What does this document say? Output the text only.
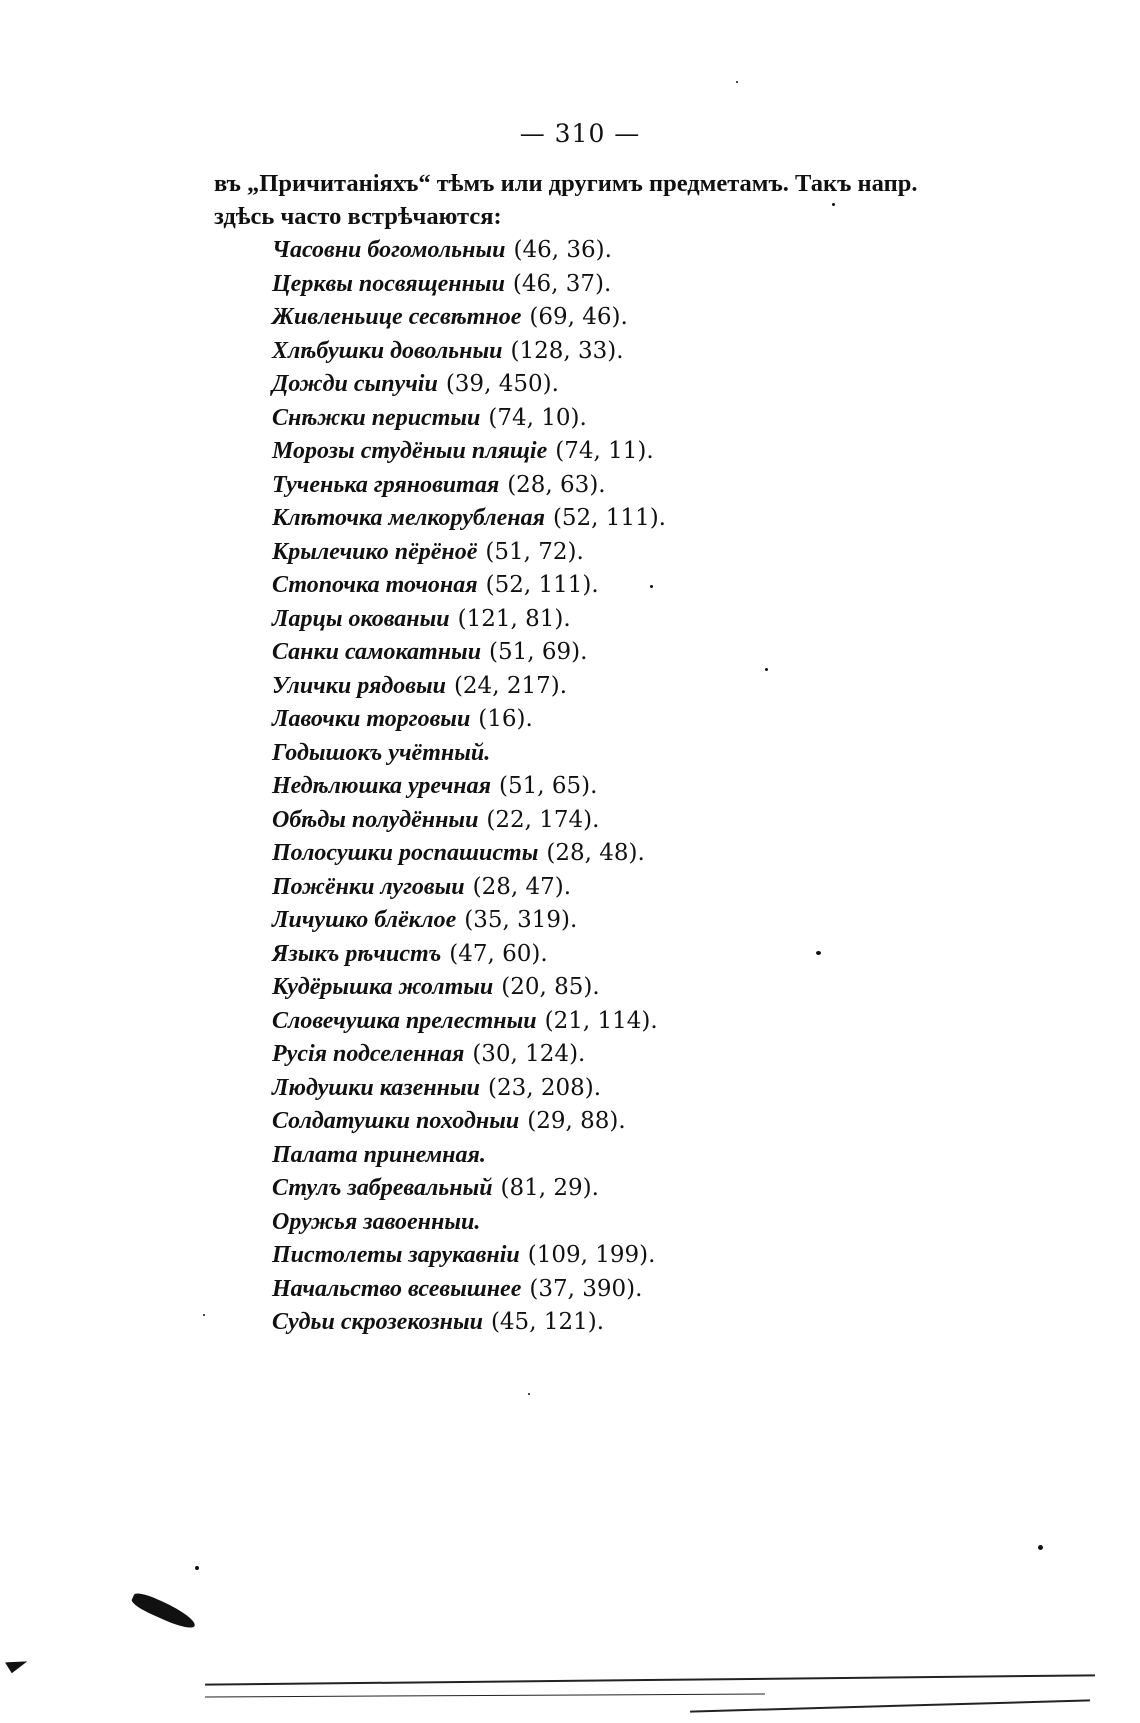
— 310 —
въ „Причитаніяхъ“ тѣмъ или другимъ предметамъ. Такъ напр.
здѣсь часто встрѣчаются:
Часовни богомольныи (46, 36).
Церквы посвященныи (46, 37).
Живленьице сесвѣтное (69, 46).
Хлѣбушки довольныи (128, 33).
Дожди сыпучіи (39, 450).
Снѣжки перистыи (74, 10).
Морозы студёныи плящіе (74, 11).
Тученька гряновитая (28, 63).
Клѣточка мелкорубленая (52, 111).
Крылечико пёрёноё (51, 72).
Стопочка точоная (52, 111).
Ларцы окованыи (121, 81).
Санки самокатныи (51, 69).
Улички рядовыи (24, 217).
Лавочки торговыи (16).
Годышокъ учётный.
Недѣлюшка уречная (51, 65).
Обѣды полудённыи (22, 174).
Полосушки роспашисты (28, 48).
Пожёнки луговыи (28, 47).
Личушко блёклое (35, 319).
Языкъ рѣчистъ (47, 60).
Кудёрышка жолтыи (20, 85).
Словечушка прелестныи (21, 114).
Русія подселенная (30, 124).
Людушки казенныи (23, 208).
Солдатушки походныи (29, 88).
Палата принемная.
Стулъ забревальный (81, 29).
Оружья завоенныи.
Пистолеты зарукавніи (109, 199).
Начальство всевышнее (37, 390).
Судьи скрозекозныи (45, 121).
